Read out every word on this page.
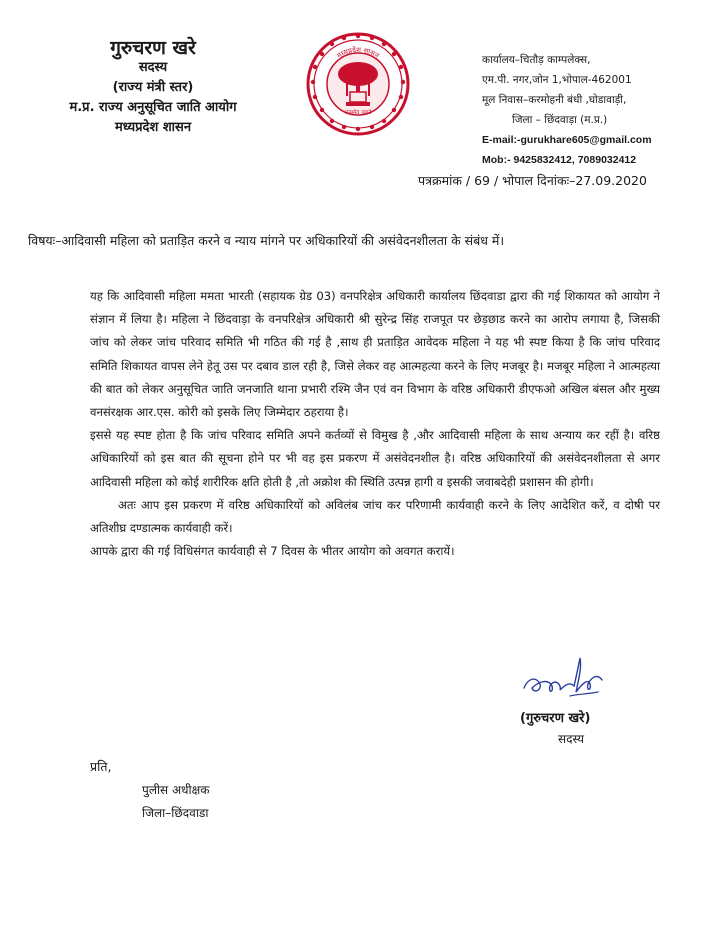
गुरुचरण खरे
सदस्य
(राज्य मंत्री स्तर)
म.प्र. राज्य अनुसूचित जाति आयोग
मध्यप्रदेश शासन
मध्यप्रदेश शासन
सत्यमेव जयते
कार्यालय–चितौड़ काम्पलेक्स,
एम.पी. नगर,जोन 1,भोपाल-462001
मूल निवास–करमोहनी बंधी ,घोडावाड़ी,
जिला – छिंदवाड़ा (म.प्र.)
E-mail:-gurukhare605@gmail.com
Mob:- 9425832412, 7089032412
पत्रक्रमांक / 69 / भोपाल दिनांकः–27.09.2020
विषयः–आदिवासी महिला को प्रताड़ित करने व न्याय मांगने पर अधिकारियों की असंवेदनशीलता के संबंध में।

यह कि आदिवासी महिला ममता भारती (सहायक ग्रेड 03) वनपरिक्षेत्र अधिकारी कार्यालय छिंदवाडा द्वारा की गई शिकायत को आयोग ने संज्ञान में लिया है। महिला ने छिंदवाड़ा के वनपरिक्षेत्र अधिकारी श्री सुरेन्द्र सिंह राजपूत पर छेड़छाड करने का आरोप लगाया है, जिसकी जांच को लेकर जांच परिवाद समिति भी गठित की गई है ,साथ ही प्रताड़ित आवेदक महिला ने यह भी स्पष्ट किया है कि जांच परिवाद समिति शिकायत वापस लेने हेतू उस पर दबाव डाल रही है, जिसे लेकर वह आत्महत्या करने के लिए मजबूर है। मजबूर महिला ने आत्महत्या की बात को लेकर अनुसूचित जाति जनजाति थाना प्रभारी रश्मि जैन एवं वन विभाग के वरिष्ठ अधिकारी डीएफओ अखिल बंसल और मुख्य वनसंरक्षक आर.एस. कोरी को इसके लिए जिम्मेदार ठहराया है।

इससे यह स्पष्ट होता है कि जांच परिवाद समिति अपने कर्तव्यों से विमुख है ,और आदिवासी महिला के साथ अन्याय कर रहीं है। वरिष्ठ अधिकारियों को इस बात की सूचना होने पर भी वह इस प्रकरण में असंवेदनशील है। वरिष्ठ अधिकारियों की असंवेदनशीलता से अगर आदिवासी महिला को कोई शारीरिक क्षति होती है ,तो अक्रोश की स्थिति उत्पन्न हागी व इसकी जवाबदेही प्रशासन की होगी।

अतः आप इस प्रकरण में वरिष्ठ अधिकारियों को अविलंब जांच कर परिणामी कार्यवाही करने के लिए आदेशित करें, व दोषी पर अतिशीघ्र दण्डात्मक कार्यवाही करें।

आपके द्वारा की गई विधिसंगत कार्यवाही से 7 दिवस के भीतर आयोग को अवगत करायें।

(गुरुचरण खरे)
सदस्य
प्रति,
पुलीस अधीक्षक
जिला–छिंदवाडा
